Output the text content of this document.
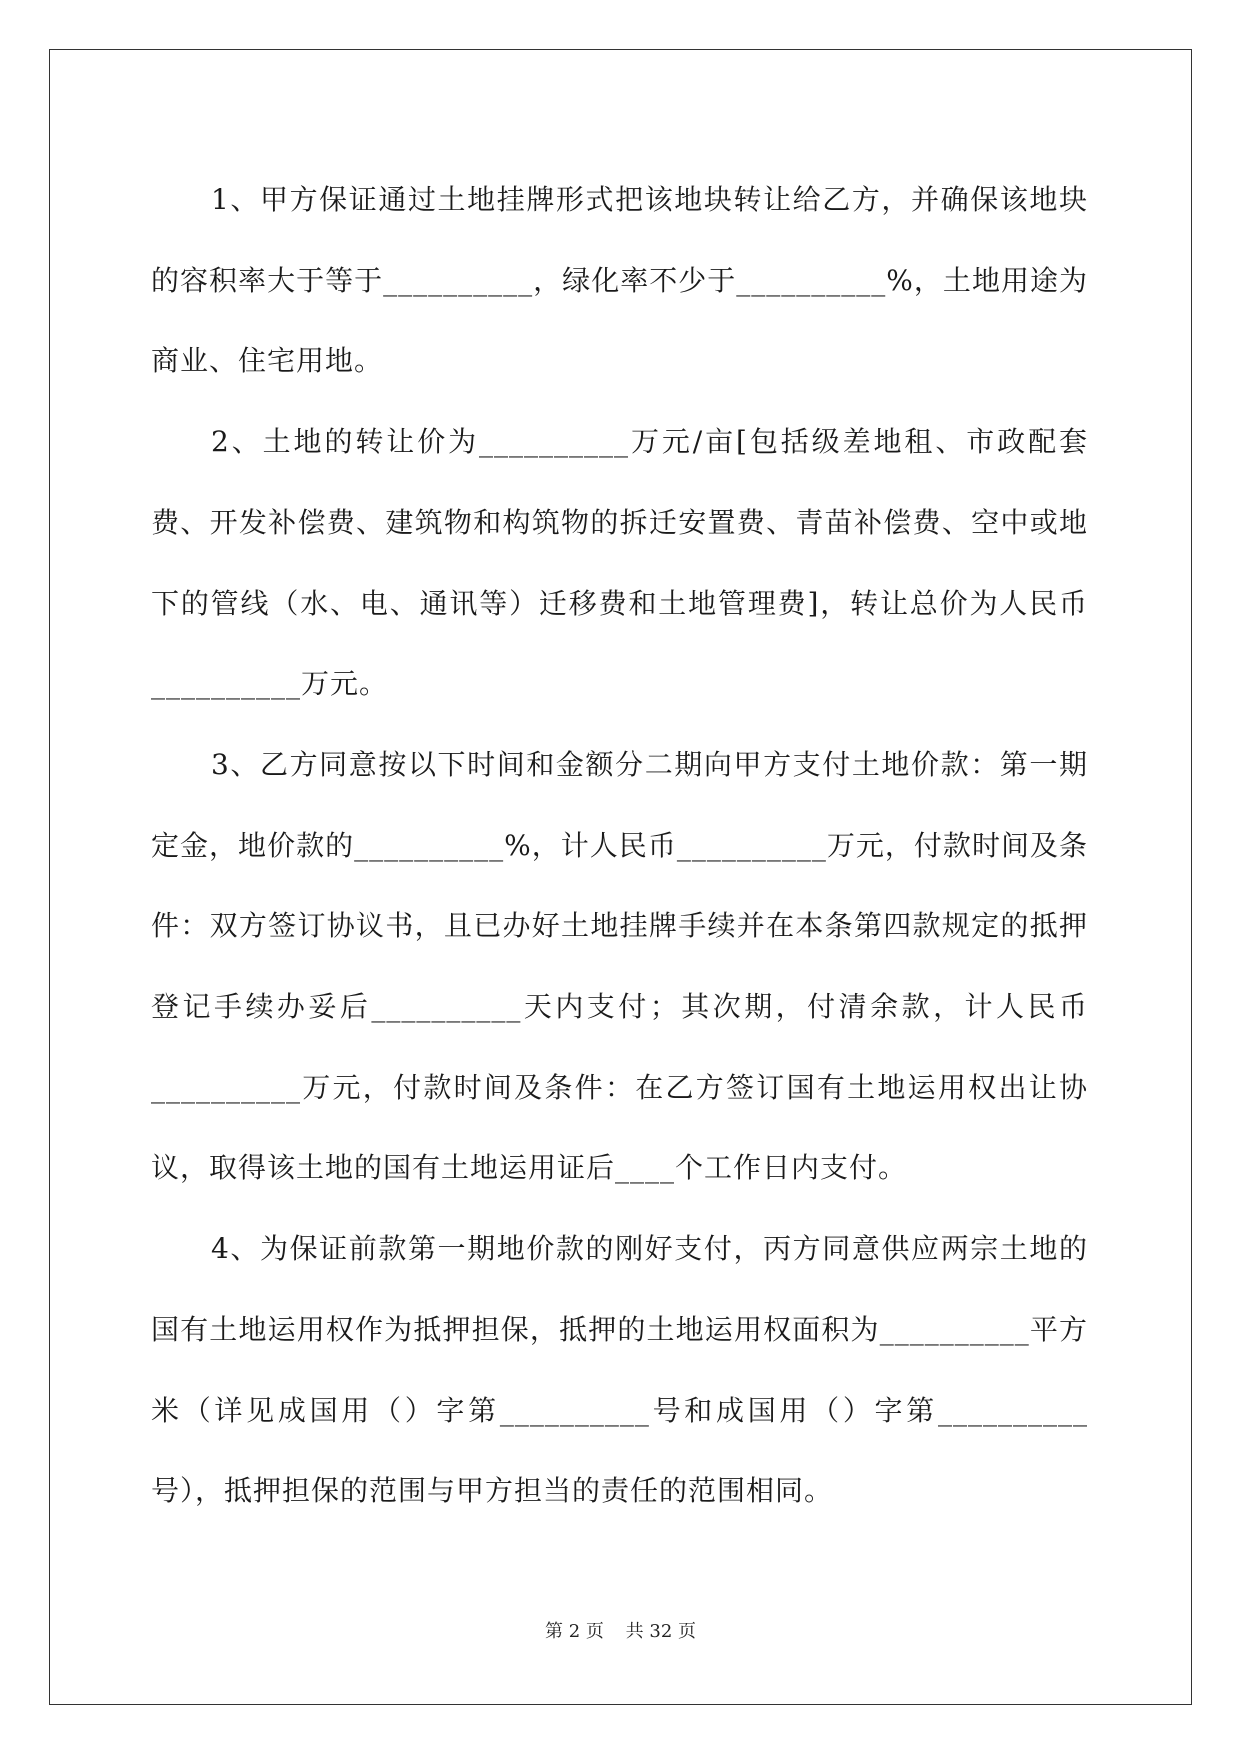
1、甲方保证通过土地挂牌形式把该地块转让给乙方，并确保该地块的容积率大于等于__________，绿化率不少于__________%，土地用途为商业、住宅用地。

2、土地的转让价为__________万元/亩[包括级差地租、市政配套费、开发补偿费、建筑物和构筑物的拆迁安置费、青苗补偿费、空中或地下的管线（水、电、通讯等）迁移费和土地管理费]，转让总价为人民币__________万元。

3、乙方同意按以下时间和金额分二期向甲方支付土地价款：第一期定金，地价款的__________%，计人民币__________万元，付款时间及条件：双方签订协议书，且已办好土地挂牌手续并在本条第四款规定的抵押登记手续办妥后__________天内支付；其次期，付清余款，计人民币__________万元，付款时间及条件：在乙方签订国有土地运用权出让协议，取得该土地的国有土地运用证后____个工作日内支付。

4、为保证前款第一期地价款的刚好支付，丙方同意供应两宗土地的国有土地运用权作为抵押担保，抵押的土地运用权面积为__________平方米（详见成国用（）字第__________号和成国用（）字第__________号），抵押担保的范围与甲方担当的责任的范围相同。

第 2 页 共 32 页
